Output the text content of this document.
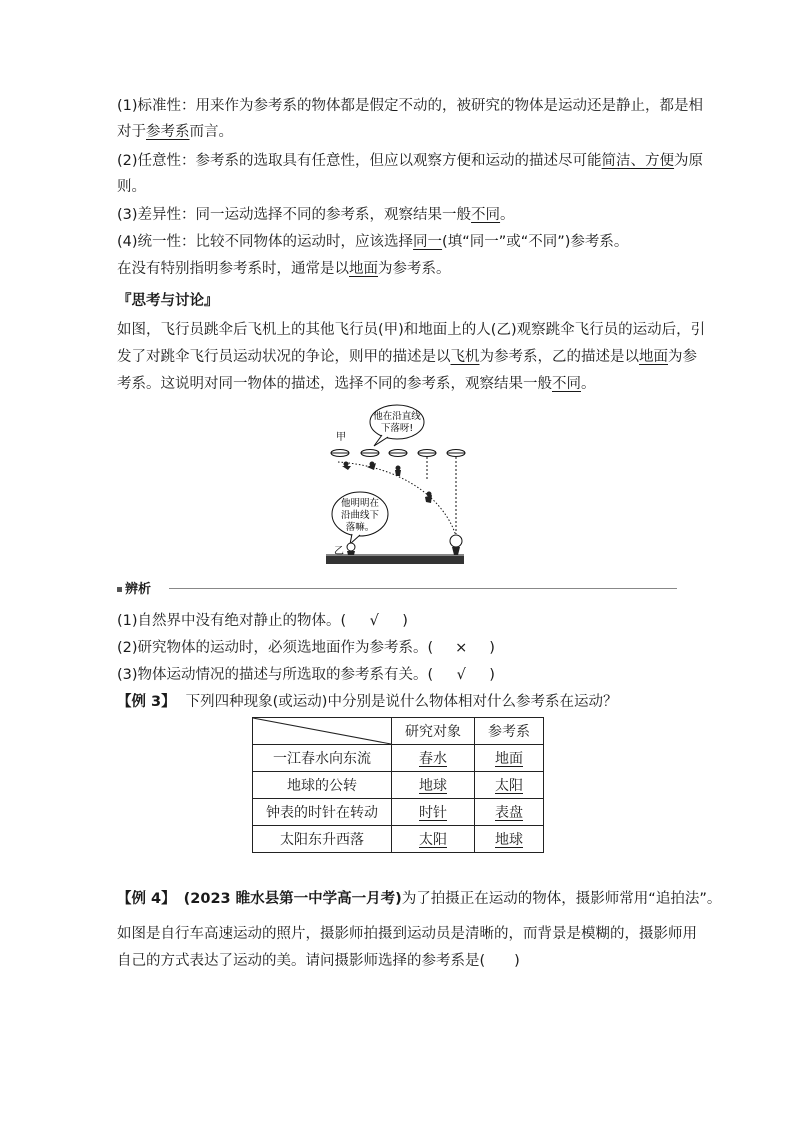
(1)标准性：用来作为参考系的物体都是假定不动的，被研究的物体是运动还是静止，都是相
对于参考系而言。
(2)任意性：参考系的选取具有任意性，但应以观察方便和运动的描述尽可能简洁、方便为原
则。
(3)差异性：同一运动选择不同的参考系，观察结果一般不同。
(4)统一性：比较不同物体的运动时，应该选择同一(填“同一”或“不同”)参考系。
在没有特别指明参考系时，通常是以地面为参考系。
『思考与讨论』
如图，飞行员跳伞后飞机上的其他飞行员(甲)和地面上的人(乙)观察跳伞飞行员的运动后，引
发了对跳伞飞行员运动状况的争论，则甲的描述是以飞机为参考系，乙的描述是以地面为参
考系。这说明对同一物体的描述，选择不同的参考系，观察结果一般不同。
他在沿直线
下落呀!
甲
他明明在
沿曲线下
落嘛。
乙
辨析
(1)自然界中没有绝对静止的物体。( √ )
(2)研究物体的运动时，必须选地面作为参考系。( × )
(3)物体运动情况的描述与所选取的参考系有关。( √ )
【例 3】 下列四种现象(或运动)中分别是说什么物体相对什么参考系在运动？
	研究对象	参考系
一江春水向东流	春水	地面
地球的公转	地球	太阳
钟表的时针在转动	时针	表盘
太阳东升西落	太阳	地球
【例 4】 (2023 睢水县第一中学高一月考)为了拍摄正在运动的物体，摄影师常用“追拍法”。
如图是自行车高速运动的照片，摄影师拍摄到运动员是清晰的，而背景是模糊的，摄影师用
自己的方式表达了运动的美。请问摄影师选择的参考系是(　　)
